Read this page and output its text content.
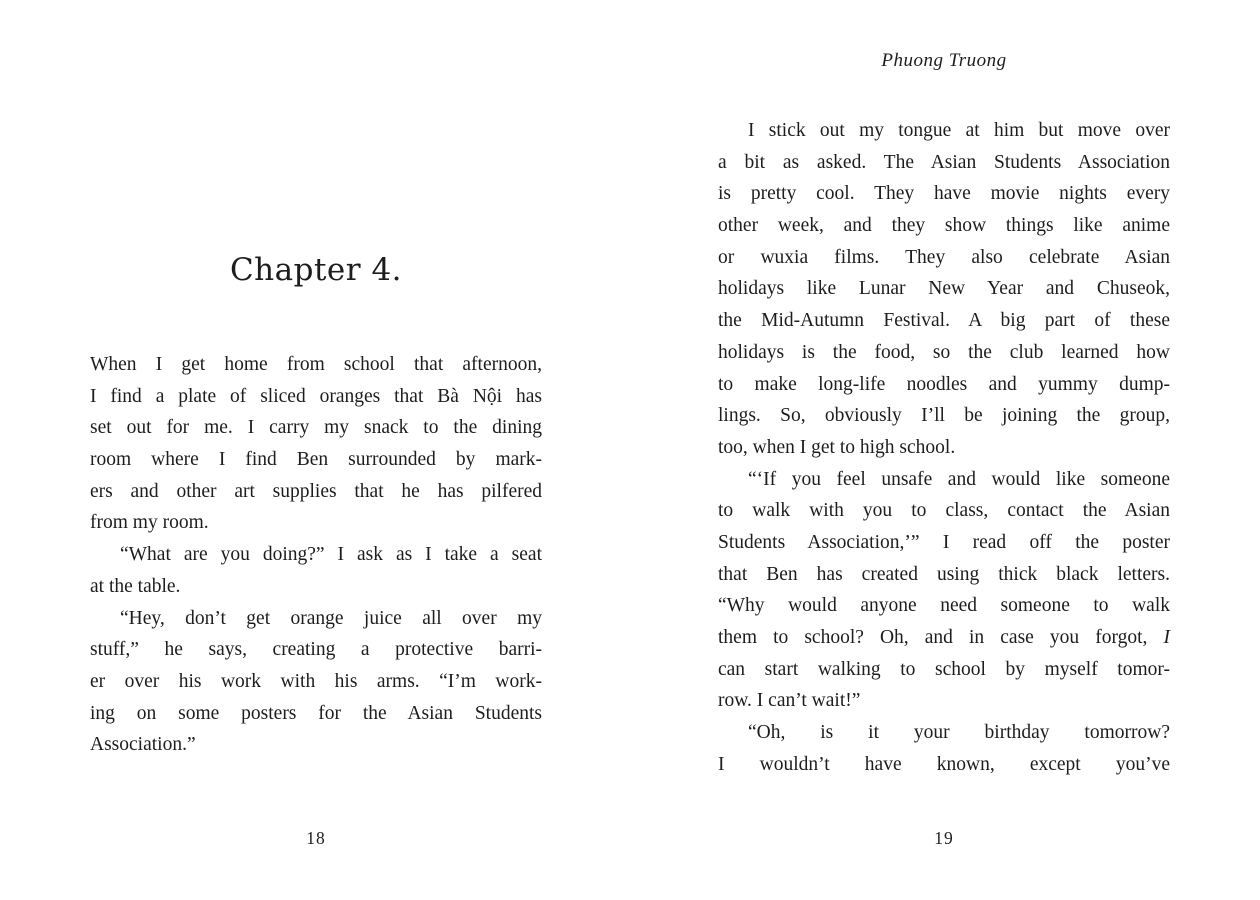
Chapter 4.
When I get home from school that afternoon,
I find a plate of sliced oranges that Bà Nội has
set out for me. I carry my snack to the dining
room where I find Ben surrounded by mark-
ers and other art supplies that he has pilfered
from my room.
“What are you doing?” I ask as I take a seat
at the table.
“Hey, don’t get orange juice all over my
stuff,” he says, creating a protective barri-
er over his work with his arms. “I’m work-
ing on some posters for the Asian Students
Association.”
18
Phuong Truong
I stick out my tongue at him but move over
a bit as asked. The Asian Students Association
is pretty cool. They have movie nights every
other week, and they show things like anime
or wuxia films. They also celebrate Asian
holidays like Lunar New Year and Chuseok,
the Mid-Autumn Festival. A big part of these
holidays is the food, so the club learned how
to make long-life noodles and yummy dump-
lings. So, obviously I’ll be joining the group,
too, when I get to high school.
“‘If you feel unsafe and would like someone
to walk with you to class, contact the Asian
Students Association,’” I read off the poster
that Ben has created using thick black letters.
“Why would anyone need someone to walk
them to school? Oh, and in case you forgot, I
can start walking to school by myself tomor-
row. I can’t wait!”
“Oh, is it your birthday tomorrow?
I wouldn’t have known, except you’ve
19
